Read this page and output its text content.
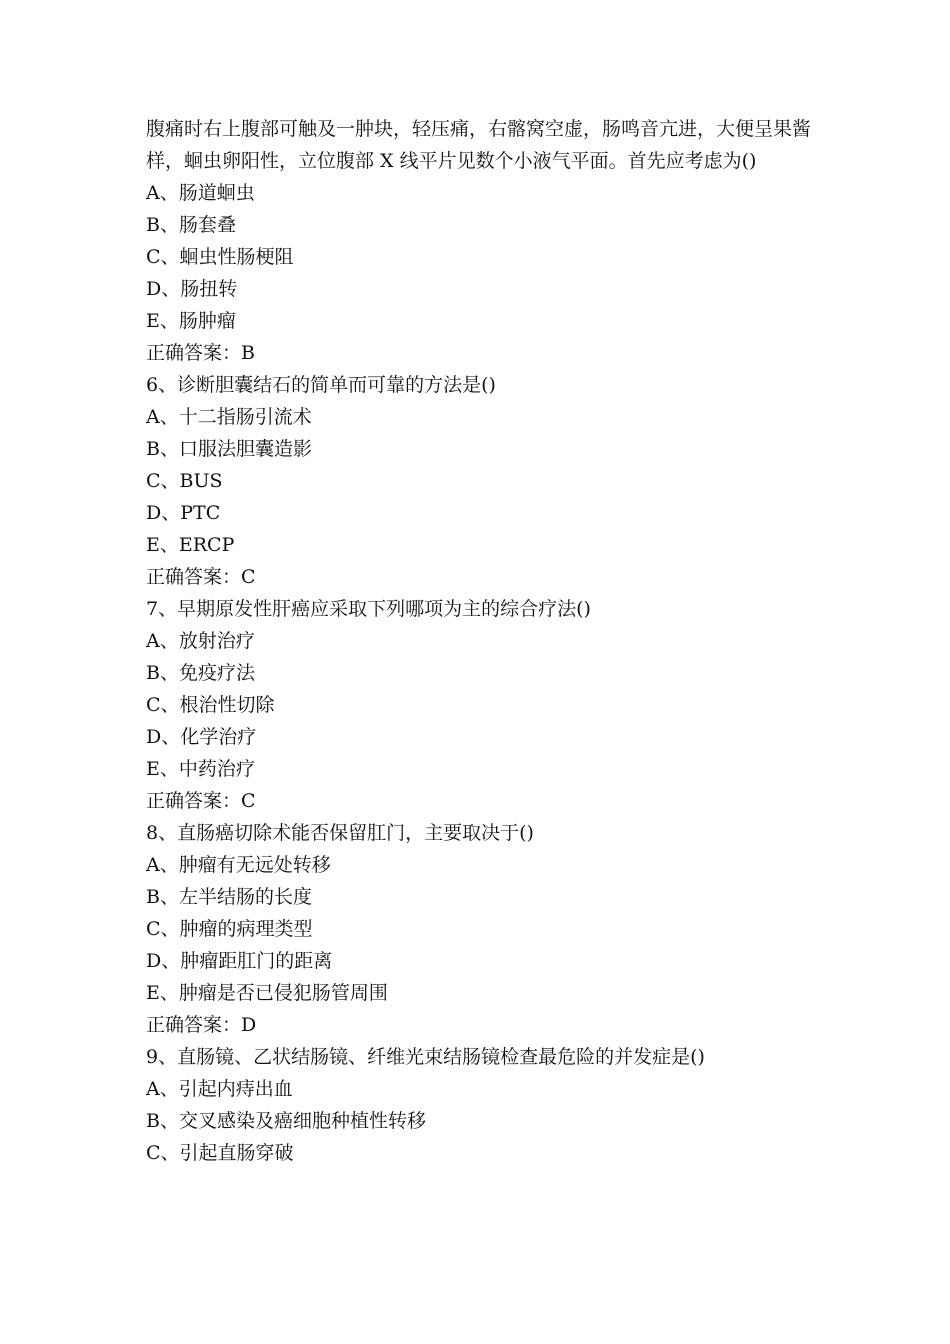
腹痛时右上腹部可触及一肿块，轻压痛，右髂窝空虚，肠鸣音亢进，大便呈果酱样，蛔虫卵阳性，立位腹部 X 线平片见数个小液气平面。首先应考虑为()
A、肠道蛔虫
B、肠套叠
C、蛔虫性肠梗阻
D、肠扭转
E、肠肿瘤
正确答案：B
6、诊断胆囊结石的简单而可靠的方法是()
A、十二指肠引流术
B、口服法胆囊造影
C、BUS
D、PTC
E、ERCP
正确答案：C
7、早期原发性肝癌应采取下列哪项为主的综合疗法()
A、放射治疗
B、免疫疗法
C、根治性切除
D、化学治疗
E、中药治疗
正确答案：C
8、直肠癌切除术能否保留肛门，主要取决于()
A、肿瘤有无远处转移
B、左半结肠的长度
C、肿瘤的病理类型
D、肿瘤距肛门的距离
E、肿瘤是否已侵犯肠管周围
正确答案：D
9、直肠镜、乙状结肠镜、纤维光束结肠镜检查最危险的并发症是()
A、引起内痔出血
B、交叉感染及癌细胞种植性转移
C、引起直肠穿破
